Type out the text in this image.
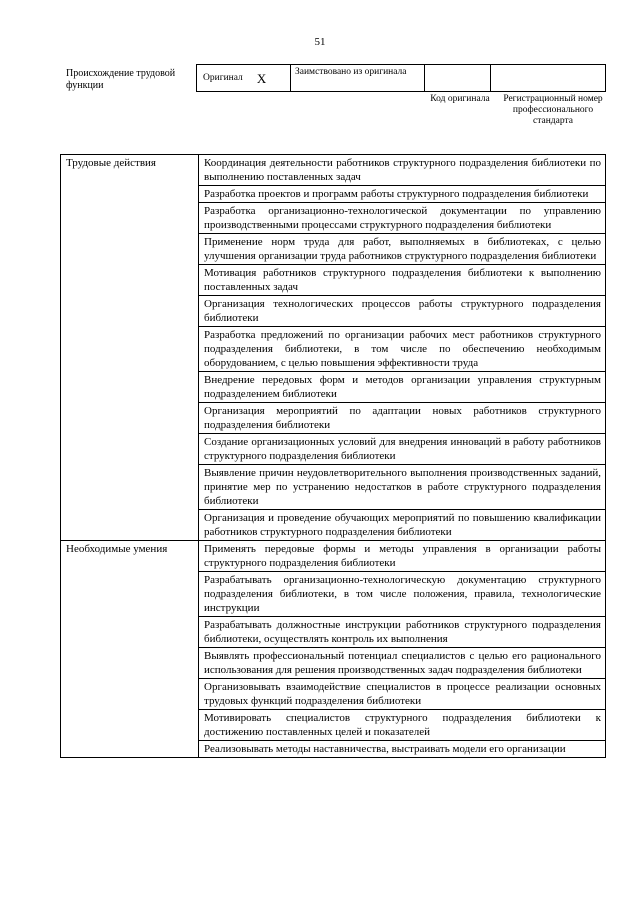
51
Происхождение трудовой функции
Оригинал X	Заимствовано из оригинала
Код оригинала	Регистрационный номер профессионального стандарта
Трудовые действия	Координация деятельности работников структурного подразделения библиотеки по выполнению поставленных задач
	Разработка проектов и программ работы структурного подразделения библиотеки
	Разработка организационно-технологической документации по управлению производственными процессами структурного подразделения библиотеки
	Применение норм труда для работ, выполняемых в библиотеках, с целью улучшения организации труда работников структурного подразделения библиотеки
	Мотивация работников структурного подразделения библиотеки к выполнению поставленных задач
	Организация технологических процессов работы структурного подразделения библиотеки
	Разработка предложений по организации рабочих мест работников структурного подразделения библиотеки, в том числе по обеспечению необходимым оборудованием, с целью повышения эффективности труда
	Внедрение передовых форм и методов организации управления структурным подразделением библиотеки
	Организация мероприятий по адаптации новых работников структурного подразделения библиотеки
	Создание организационных условий для внедрения инноваций в работу работников структурного подразделения библиотеки
	Выявление причин неудовлетворительного выполнения производственных заданий, принятие мер по устранению недостатков в работе структурного подразделения библиотеки
	Организация и проведение обучающих мероприятий по повышению квалификации работников структурного подразделения библиотеки
Необходимые умения	Применять передовые формы и методы управления в организации работы структурного подразделения библиотеки
	Разрабатывать организационно-технологическую документацию структурного подразделения библиотеки, в том числе положения, правила, технологические инструкции
	Разрабатывать должностные инструкции работников структурного подразделения библиотеки, осуществлять контроль их выполнения
	Выявлять профессиональный потенциал специалистов с целью его рационального использования для решения производственных задач подразделения библиотеки
	Организовывать взаимодействие специалистов в процессе реализации основных трудовых функций подразделения библиотеки
	Мотивировать специалистов структурного подразделения библиотеки к достижению поставленных целей и показателей
	Реализовывать методы наставничества, выстраивать модели его организации
